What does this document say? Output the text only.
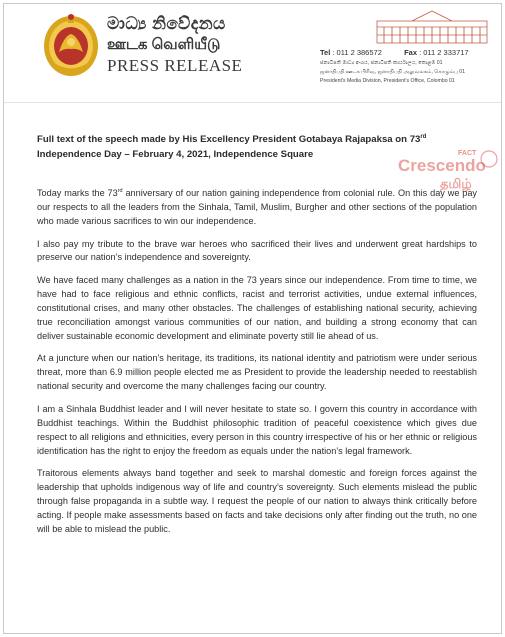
මාධ්‍ය නිවේදනය
ஊடக வெளியீடு
PRESS RELEASE
Tel : 011 2 386572	Fax : 011 2 333717
ජනාධිපති මාධ්‍ය අංශය, ජනාධිපති කාර්යාලය, කොළඹ 01
ஜனாதிபதி ஊடக பிரிவு, ஜனாதிபதி அலுவலகம், கொழும்பு 01
President's Media Division, President's Office, Colombo 01
Full text of the speech made by His Excellency President Gotabaya Rajapaksa on 73rd
Independence Day – February 4, 2021, Independence Square	FACT
Crescendo
தமிழ்

Today marks the 73rd anniversary of our nation gaining independence from colonial rule. On this day we pay our respects to all the leaders from the Sinhala, Tamil, Muslim, Burgher and other sections of the population who made various sacrifices to win our independence.

I also pay my tribute to the brave war heroes who sacrificed their lives and underwent great hardships to preserve our nation’s independence and sovereignty.

We have faced many challenges as a nation in the 73 years since our independence. From time to time, we have had to face religious and ethnic conflicts, racist and terrorist activities, undue external influences, constitutional crises, and many other obstacles. The challenges of establishing national security, achieving true reconciliation amongst various communities of our nation, and building a strong economy that can deliver sustainable economic development and eliminate poverty still lie ahead of us.

At a juncture when our nation’s heritage, its traditions, its national identity and patriotism were under serious threat, more than 6.9 million people elected me as President to provide the leadership needed to reestablish national security and overcome the many challenges facing our country.

I am a Sinhala Buddhist leader and I will never hesitate to state so. I govern this country in accordance with Buddhist teachings. Within the Buddhist philosophic tradition of peaceful coexistence which gives due respect to all religions and ethnicities, every person in this country irrespective of his or her ethnic or religious identification has the right to enjoy the freedom as equals under the nation’s legal framework.

Traitorous elements always band together and seek to marshal domestic and foreign forces against the leadership that upholds indigenous way of life and country’s sovereignty. Such elements mislead the public through false propaganda in a subtle way. I request the people of our nation to always think critically before acting. If people make assessments based on facts and take decisions only after finding out the truth, no one will be able to mislead the public.
